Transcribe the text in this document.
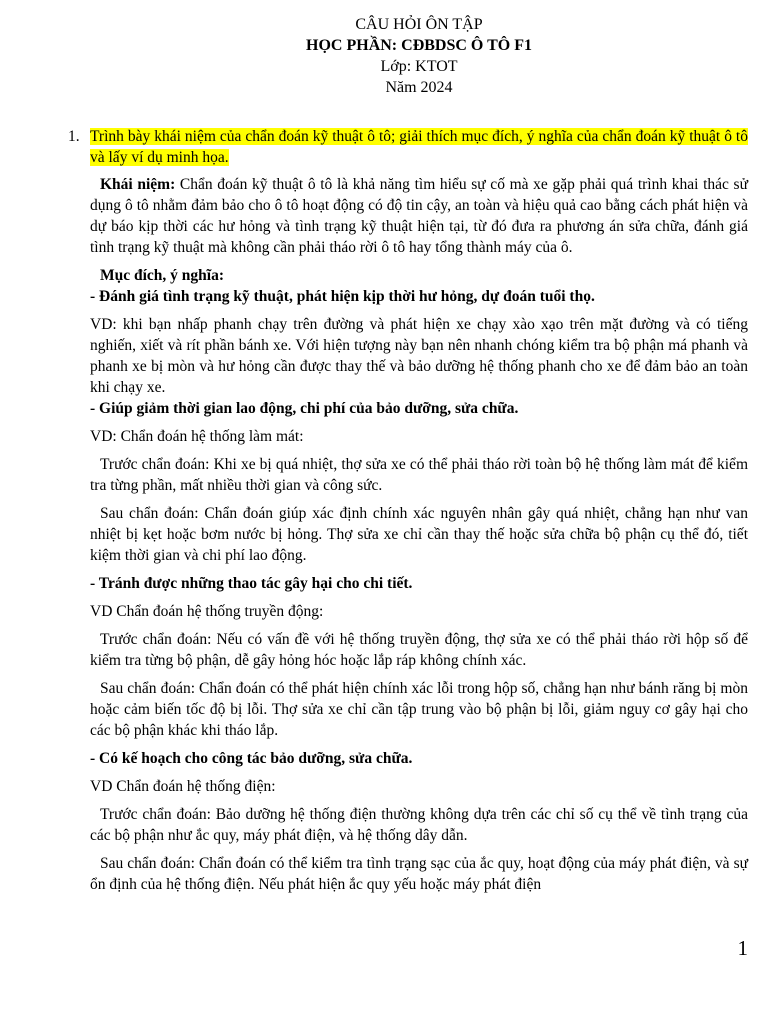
CÂU HỎI ÔN TẬP
HỌC PHẦN: CĐBDSC Ô TÔ F1
Lớp: KTOT
Năm 2024
1. Trình bày khái niệm của chẩn đoán kỹ thuật ô tô; giải thích mục đích, ý nghĩa của chẩn đoán kỹ thuật ô tô và lấy ví dụ minh họa.

Khái niệm: Chẩn đoán kỹ thuật ô tô là khả năng tìm hiểu sự cố mà xe gặp phải quá trình khai thác sử dụng ô tô nhằm đảm bảo cho ô tô hoạt động có độ tin cậy, an toàn và hiệu quả cao bằng cách phát hiện và dự báo kịp thời các hư hỏng và tình trạng kỹ thuật hiện tại, từ đó đưa ra phương án sửa chữa, đánh giá tình trạng kỹ thuật mà không cần phải tháo rời ô tô hay tổng thành máy của ô.

Mục đích, ý nghĩa:

- Đánh giá tình trạng kỹ thuật, phát hiện kịp thời hư hỏng, dự đoán tuổi thọ.

VD: khi bạn nhấp phanh chạy trên đường và phát hiện xe chạy xào xạo trên mặt đường và có tiếng nghiến, xiết và rít phần bánh xe. Với hiện tượng này bạn nên nhanh chóng kiểm tra bộ phận má phanh và phanh xe bị mòn và hư hỏng cần được thay thế và bảo dưỡng hệ thống phanh cho xe để đảm bảo an toàn khi chạy xe.

- Giúp giảm thời gian lao động, chi phí của bảo dưỡng, sửa chữa.

VD: Chẩn đoán hệ thống làm mát:

Trước chẩn đoán: Khi xe bị quá nhiệt, thợ sửa xe có thể phải tháo rời toàn bộ hệ thống làm mát để kiểm tra từng phần, mất nhiều thời gian và công sức.

Sau chẩn đoán: Chẩn đoán giúp xác định chính xác nguyên nhân gây quá nhiệt, chẳng hạn như van nhiệt bị kẹt hoặc bơm nước bị hỏng. Thợ sửa xe chỉ cần thay thế hoặc sửa chữa bộ phận cụ thể đó, tiết kiệm thời gian và chi phí lao động.

- Tránh được những thao tác gây hại cho chi tiết.

VD Chẩn đoán hệ thống truyền động:

Trước chẩn đoán: Nếu có vấn đề với hệ thống truyền động, thợ sửa xe có thể phải tháo rời hộp số để kiểm tra từng bộ phận, dễ gây hỏng hóc hoặc lắp ráp không chính xác.

Sau chẩn đoán: Chẩn đoán có thể phát hiện chính xác lỗi trong hộp số, chẳng hạn như bánh răng bị mòn hoặc cảm biến tốc độ bị lỗi. Thợ sửa xe chỉ cần tập trung vào bộ phận bị lỗi, giảm nguy cơ gây hại cho các bộ phận khác khi tháo lắp.

- Có kế hoạch cho công tác bảo dưỡng, sửa chữa.

VD Chẩn đoán hệ thống điện:

Trước chẩn đoán: Bảo dưỡng hệ thống điện thường không dựa trên các chỉ số cụ thể về tình trạng của các bộ phận như ắc quy, máy phát điện, và hệ thống dây dẫn.

Sau chẩn đoán: Chẩn đoán có thể kiểm tra tình trạng sạc của ắc quy, hoạt động của máy phát điện, và sự ổn định của hệ thống điện. Nếu phát hiện ắc quy yếu hoặc máy phát điện

1
